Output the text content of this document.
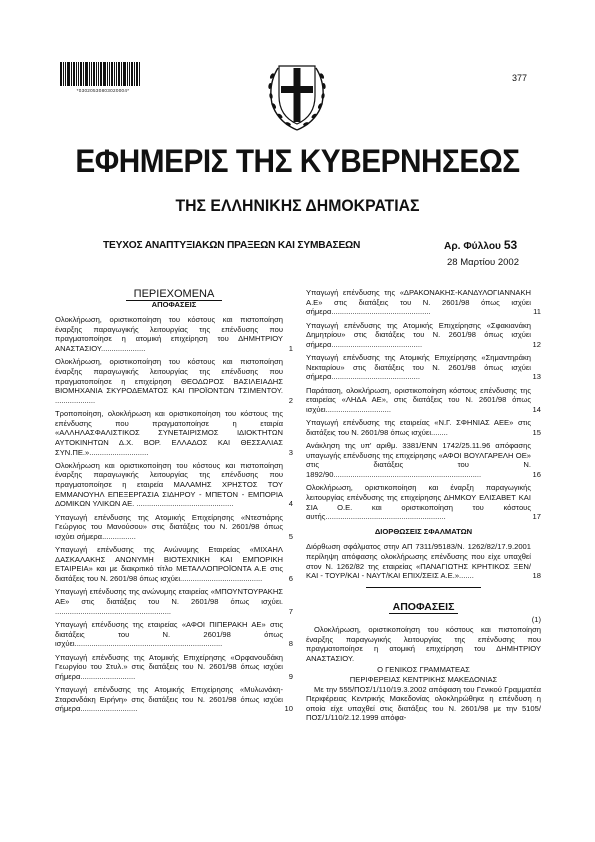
*03020530803020004*
377
ΕΦΗΜΕΡΙΣ ΤΗΣ ΚΥΒΕΡΝΗΣΕΩΣ
ΤΗΣ ΕΛΛΗΝΙΚΗΣ ΔΗΜΟΚΡΑΤΙΑΣ
ΤΕΥΧΟΣ ΑΝΑΠΤΥΞΙΑΚΩΝ ΠΡΑΞΕΩΝ ΚΑΙ ΣΥΜΒΑΣΕΩΝ	Αρ. Φύλλου 53
28 Μαρτίου 2002
ΠΕΡΙΕΧΟΜΕΝΑ
ΑΠΟΦΑΣΕΙΣ
Ολοκλήρωση, οριστικοποίηση του κόστους και πιστοποίηση έναρξης παραγωγικής λειτουργίας της επένδυσης που πραγματοποίησε η ατομική επιχείρηση του ΔΗΜΗΤΡΙΟΥ ΑΝΑΣΤΑΣΙΟΥ.....................	1
Ολοκλήρωση, οριστικοποίηση του κόστους και πιστοποίηση έναρξης παραγωγικής λειτουργίας της επένδυσης που πραγματοποίησε η επιχείρηση ΘΕΟΔΩΡΟΣ ΒΑΣΙΛΕΙΑΔΗΣ ΒΙΟΜΗΧΑΝΙΑ ΣΚΥΡΟΔΕΜΑΤΟΣ ΚΑΙ ΠΡΟΪΟΝΤΩΝ ΤΣΙΜΕΝΤΟΥ. ...................	2
Τροποποίηση, ολοκλήρωση και οριστικοποίηση του κόστους της επένδυσης που πραγματοποίησε η εταιρία «ΑΛΛΗΛΑΣΦΑΛΙΣΤΙΚΟΣ ΣΥΝΕΤΑΙΡΙΣΜΟΣ ΙΔΙΟΚΤΗΤΩΝ ΑΥΤΟΚΙΝΗΤΩΝ Δ.Χ. ΒΟΡ. ΕΛΛΑΔΟΣ ΚΑΙ ΘΕΣΣΑΛΙΑΣ ΣΥΝ.ΠΕ.»............................	3
Ολοκλήρωση και οριστικοποίηση του κόστους και πιστοποίηση έναρξης παραγωγικής λειτουργίας της επένδυσης που πραγματοποίησε η εταιρεία ΜΑΛΑΜΗΣ ΧΡΗΣΤΟΣ ΤΟΥ ΕΜΜΑΝΟΥΗΛ ΕΠΕΞΕΡΓΑΣΙΑ ΣΙΔΗΡΟΥ - ΜΠΕΤΟΝ - ΕΜΠΟΡΙΑ ΔΟΜΙΚΩΝ ΥΛΙΚΩΝ ΑΕ. ..............................................	4
Υπαγωγή επένδυσης της Ατομικής Επιχείρησης «Ντεστιάρης Γεώργιος του Μανούσου» στις διατάξεις του Ν. 2601/98 όπως ισχύει σήμερα................	5
Υπαγωγή επένδυσης της Ανώνυμης Εταιρείας «ΜΙΧΑΗΛ ΔΑΣΚΑΛΑΚΗΣ ΑΝΩΝΥΜΗ ΒΙΟΤΕΧΝΙΚΗ ΚΑΙ ΕΜΠΟΡΙΚΗ ΕΤΑΙΡΕΙΑ» και με διακριτικό τίτλο ΜΕΤΑΛΛΟΠΡΟΪΟΝΤΑ Α.Ε στις διατάξεις του Ν. 2601/98 όπως ισχύει.......................................	6
Υπαγωγή επένδυσης της ανώνυμης εταιρείας «ΜΠΟΥΝΤΟΥΡΑΚΗΣ ΑΕ» στις διατάξεις του Ν. 2601/98 όπως ισχύει. .......................................................	7
Υπαγωγή επένδυσης της εταιρείας «ΑΦΟΙ ΠΙΠΕΡΑΚΗ ΑΕ» στις διατάξεις του Ν. 2601/98 όπως ισχύει......................................................................	8
Υπαγωγή επένδυσης της Ατομικής Επιχείρησης «Ορφανουδάκη Γεωργίου του Στυλ.» στις διατάξεις του Ν. 2601/98 όπως ισχύει σήμερα..........................	9
Υπαγωγή επένδυσης της Ατομικής Επιχείρησης «Μυλωνάκη-Σταρανδάκη Ειρήνη» στις διατάξεις του Ν. 2601/98 όπως ισχύει σήμερα...........................	10
Υπαγωγή επένδυσης της «ΔΡΑΚΟΝΑΚΗΣ-ΚΑΝΔΥΛΟΓΙΑΝΝΑΚΗ Α.Ε» στις διατάξεις του Ν. 2601/98 όπως ισχύει σήμερα...............................................	11
Υπαγωγή επένδυσης της Ατομικής Επιχείρησης «Σφακιανάκη Δημητρίου» στις διατάξεις του Ν. 2601/98 όπως ισχύει σήμερα...........................................	12
Υπαγωγή επένδυσης της Ατομικής Επιχείρησης «Σημαντηράκη Νεκταρίου» στις διατάξεις του Ν. 2601/98 όπως ισχύει σήμερα..........................................	13
Παράταση, ολοκλήρωση, οριστικοποίηση κόστους επένδυσης της εταιρείας «ΛΗΔΑ ΑΕ», στις διατάξεις του Ν. 2601/98 όπως ισχύει...............................	14
Υπαγωγή επένδυσης της εταιρείας «Ν.Γ. ΣΦΗΝΙΑΣ ΑΕΕ» στις διατάξεις του Ν. 2601/98 όπως ισχύει........	15
Ανάκληση της υπ' αριθμ. 3381/ΕΝΝ 1742/25.11.96 απόφασης υπαγωγής επένδυσης της επιχείρησης «ΑΦΟΙ ΒΟΥΛΓΑΡΕΛΗ ΟΕ» στις διατάξεις του Ν. 1892/90......................................................................	16
Ολοκλήρωση, οριστικοποίηση και έναρξη παραγωγικής λειτουργίας επένδυσης της επιχείρησης ΔΗΜΚΟΥ ΕΛΙΣΑΒΕΤ ΚΑΙ ΣΙΑ Ο.Ε. και οριστικοποίηση του κόστους αυτής.........................................................	17
ΔΙΟΡΘΩΣΕΙΣ ΣΦΑΛΜΑΤΩΝ
Διόρθωση σφάλματος στην ΑΠ 7311/95183/Ν. 1262/82/17.9.2001 περίληψη απόφασης ολοκλήρωσης επένδυσης που είχε υπαχθεί στον Ν. 1262/82 της εταιρείας «ΠΑΝΑΓΙΩΤΗΣ ΚΡΗΤΙΚΟΣ ΞΕΝ/ΚΑΙ - ΤΟΥΡ/ΚΑΙ - ΝΑΥΤ/ΚΑΙ ΕΠΙΧ/ΣΕΙΣ Α.Ε.».......	18
ΑΠΟΦΑΣΕΙΣ
(1)
Ολοκλήρωση, οριστικοποίηση του κόστους και πιστοποίηση έναρξης παραγωγικής λειτουργίας της επένδυσης που πραγματοποίησε η ατομική επιχείρηση του ΔΗΜΗΤΡΙΟΥ ΑΝΑΣΤΑΣΙΟΥ.
Ο ΓΕΝΙΚΟΣ ΓΡΑΜΜΑΤΕΑΣ
ΠΕΡΙΦΕΡΕΙΑΣ ΚΕΝΤΡΙΚΗΣ ΜΑΚΕΔΟΝΙΑΣ
Με την 555/ΠΟΣ/1/110/19.3.2002 απόφαση του Γενικού Γραμματέα Περιφέρειας Κεντρικής Μακεδονίας ολοκληρώθηκε η επένδυση η οποία είχε υπαχθεί στις διατάξεις του Ν. 2601/98 με την 5105/ΠΟΣ/1/110/2.12.1999 απόφα-
